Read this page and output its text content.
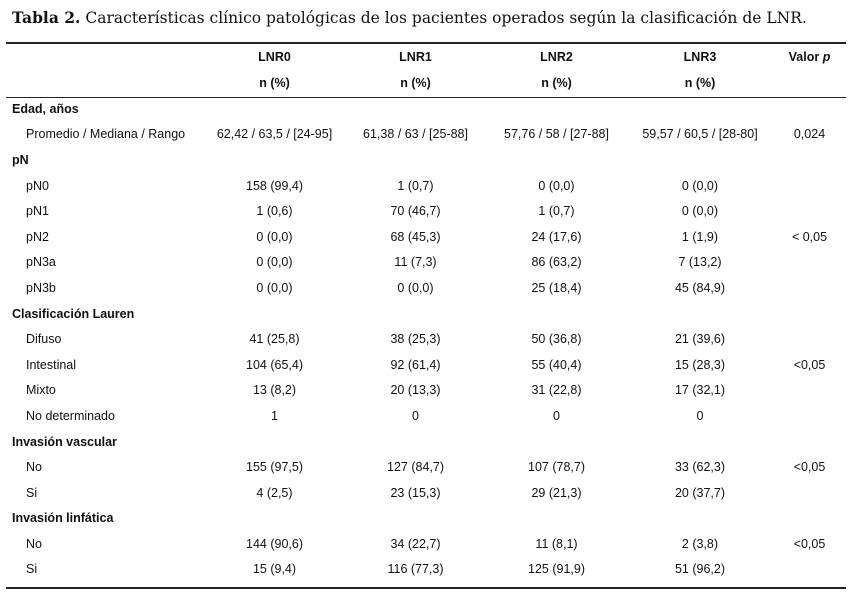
Tabla 2. Características clínico patológicas de los pacientes operados según la clasificación de LNR.
	LNR0	LNR1	LNR2	LNR3	Valor p
	n (%)	n (%)	n (%)	n (%)	
Edad, años					
Promedio / Mediana / Rango	62,42 / 63,5 / [24-95]	61,38 / 63 / [25-88]	57,76 / 58 / [27-88]	59,57 / 60,5 / [28-80]	0,024
pN					
pN0	158 (99,4)	1 (0,7)	0 (0,0)	0 (0,0)	
pN1	1 (0,6)	70 (46,7)	1 (0,7)	0 (0,0)	
pN2	0 (0,0)	68 (45,3)	24 (17,6)	1 (1,9)	< 0,05
pN3a	0 (0,0)	11 (7,3)	86 (63,2)	7 (13,2)	
pN3b	0 (0,0)	0 (0,0)	25 (18,4)	45 (84,9)	
Clasificación Lauren					
Difuso	41 (25,8)	38 (25,3)	50 (36,8)	21 (39,6)	
Intestinal	104 (65,4)	92 (61,4)	55 (40,4)	15 (28,3)	<0,05
Mixto	13 (8,2)	20 (13,3)	31 (22,8)	17 (32,1)	
No determinado	1	0	0	0	
Invasión vascular					
No	155 (97,5)	127 (84,7)	107 (78,7)	33 (62,3)	<0,05
Si	4 (2,5)	23 (15,3)	29 (21,3)	20 (37,7)	
Invasión linfática					
No	144 (90,6)	34 (22,7)	11 (8,1)	2 (3,8)	<0,05
Si	15 (9,4)	116 (77,3)	125 (91,9)	51 (96,2)	
